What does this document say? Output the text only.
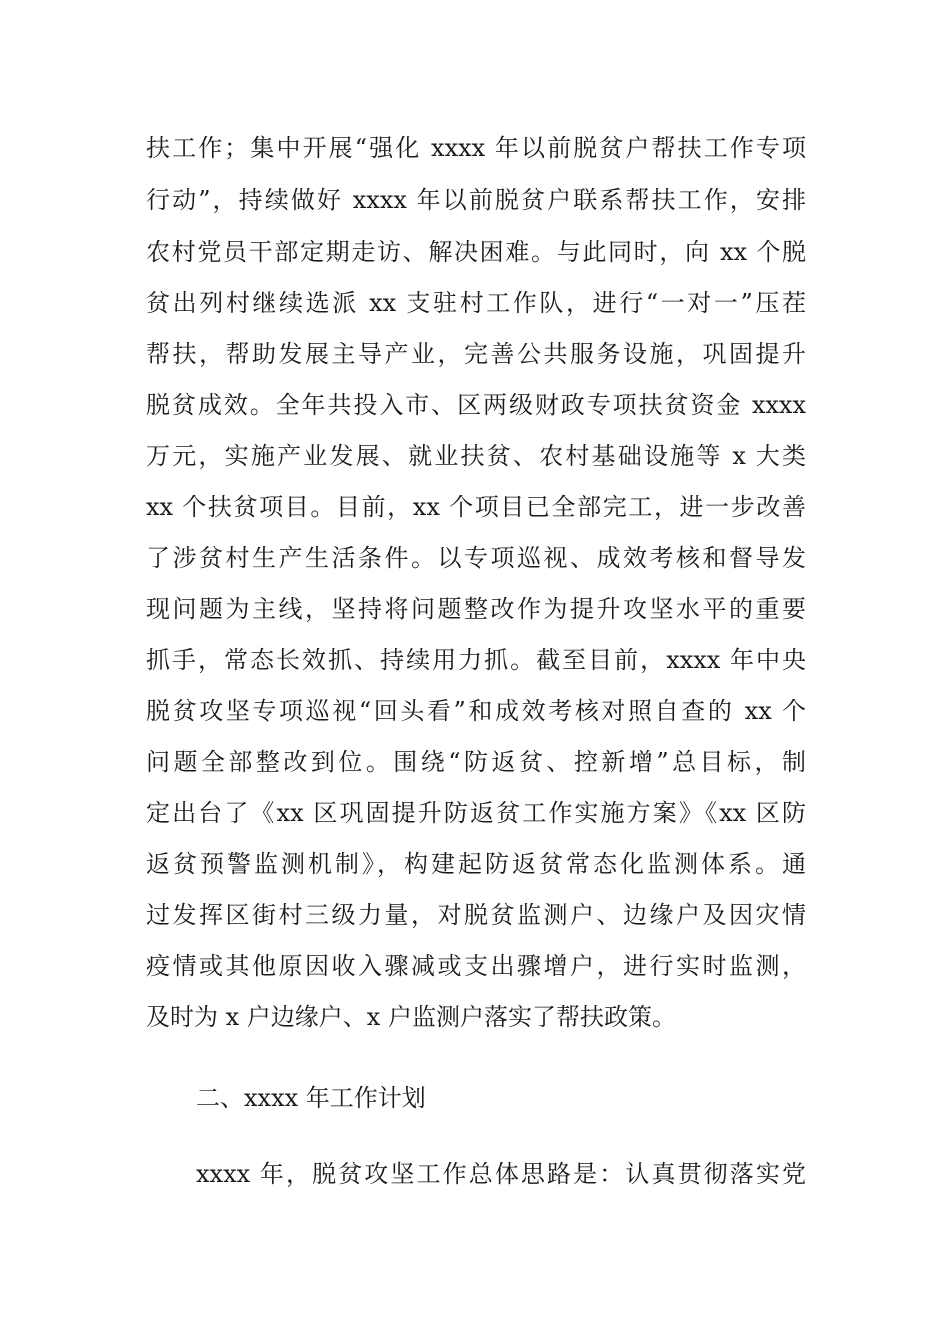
扶工作；集中开展“强化 xxxx 年以前脱贫户帮扶工作专项
行动”，持续做好 xxxx 年以前脱贫户联系帮扶工作，安排
农村党员干部定期走访、解决困难。与此同时，向 xx 个脱
贫出列村继续选派 xx 支驻村工作队，进行“一对一”压茬
帮扶，帮助发展主导产业，完善公共服务设施，巩固提升
脱贫成效。全年共投入市、区两级财政专项扶贫资金 xxxx
万元，实施产业发展、就业扶贫、农村基础设施等 x 大类
xx 个扶贫项目。目前，xx 个项目已全部完工，进一步改善
了涉贫村生产生活条件。以专项巡视、成效考核和督导发
现问题为主线，坚持将问题整改作为提升攻坚水平的重要
抓手，常态长效抓、持续用力抓。截至目前，xxxx 年中央
脱贫攻坚专项巡视“回头看”和成效考核对照自查的 xx 个
问题全部整改到位。围绕“防返贫、控新增”总目标，制
定出台了《xx 区巩固提升防返贫工作实施方案》《xx 区防
返贫预警监测机制》，构建起防返贫常态化监测体系。通
过发挥区街村三级力量，对脱贫监测户、边缘户及因灾情
疫情或其他原因收入骤减或支出骤增户，进行实时监测，
及时为 x 户边缘户、x 户监测户落实了帮扶政策。
二、xxxx 年工作计划
xxxx 年，脱贫攻坚工作总体思路是：认真贯彻落实党
